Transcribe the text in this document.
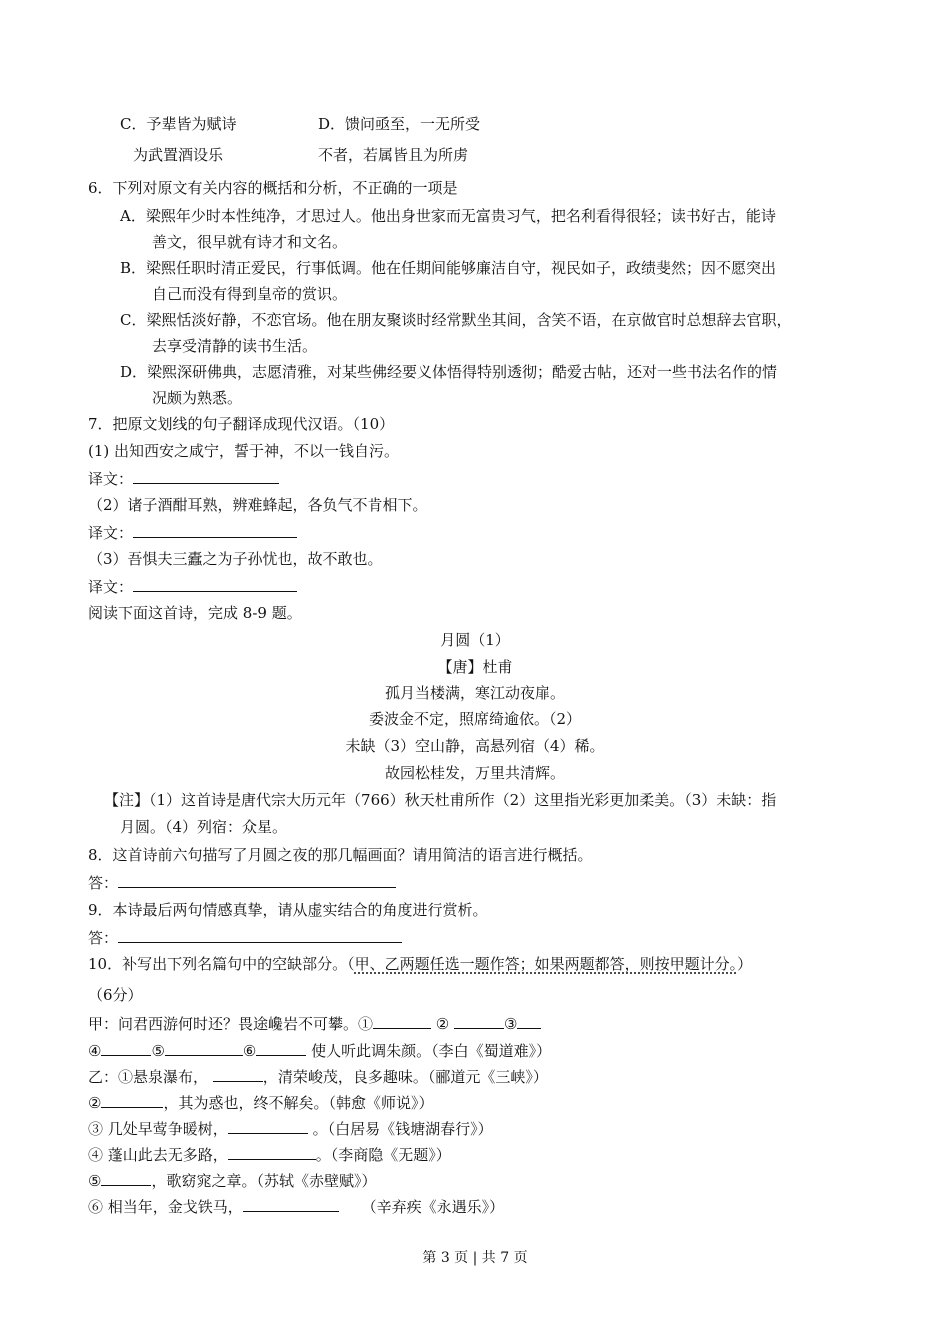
C．予辈皆为赋诗	D．馈问亟至，一无所受
为武置酒设乐	不者，若属皆且为所虏
6．下列对原文有关内容的概括和分析，不正确的一项是
A．梁熙年少时本性纯净，才思过人。他出身世家而无富贵习气，把名利看得很轻；读书好古，能诗
善文，很早就有诗才和文名。
B．梁熙任职时清正爱民，行事低调。他在任期间能够廉洁自守，视民如子，政绩斐然；因不愿突出
自己而没有得到皇帝的赏识。
C．梁熙恬淡好静，不恋官场。他在朋友聚谈时经常默坐其间，含笑不语，在京做官时总想辞去官职，
去享受清静的读书生活。
D．梁熙深研佛典，志愿清雅，对某些佛经要义体悟得特别透彻；酷爱古帖，还对一些书法名作的情
况颇为熟悉。
7．把原文划线的句子翻译成现代汉语。（10）
(1) 出知西安之咸宁，誓于神，不以一钱自污。
译文：
（2）诸子酒酣耳熟，辨难蜂起，各负气不肯相下。
译文：
（3）吾惧夫三蠹之为子孙忧也，故不敢也。
译文：
阅读下面这首诗，完成 8-9 题。
月圆（1）
【唐】杜甫
孤月当楼满，寒江动夜扉。
委波金不定，照席绮逾依。（2）
未缺（3）空山静，高悬列宿（4）稀。
故园松桂发，万里共清辉。
【注】（1）这首诗是唐代宗大历元年（766）秋天杜甫所作（2）这里指光彩更加柔美。（3）未缺：指
月圆。（4）列宿：众星。
8．这首诗前六句描写了月圆之夜的那几幅画面？请用简洁的语言进行概括。
答：
9．本诗最后两句情感真挚，请从虚实结合的角度进行赏析。
答：
10．补写出下列名篇句中的空缺部分。（甲、乙两题任选一题作答；如果两题都答，则按甲题计分。）
（6分）
甲：问君西游何时还？畏途巉岩不可攀。①	②	③
④	⑤	⑥	使人听此调朱颜。（李白《蜀道难》）
乙：①悬泉瀑布，	，清荣峻茂，良多趣味。（郦道元《三峡》）
②	，其为惑也，终不解矣。（韩愈《师说》）
③ 几处早莺争暖树，	。（白居易《钱塘湖春行》）
④ 蓬山此去无多路，	。（李商隐《无题》）
⑤	，歌窈窕之章。（苏轼《赤壁赋》）
⑥ 相当年，金戈铁马，	（辛弃疾《永遇乐》）
第 3 页 | 共 7 页
